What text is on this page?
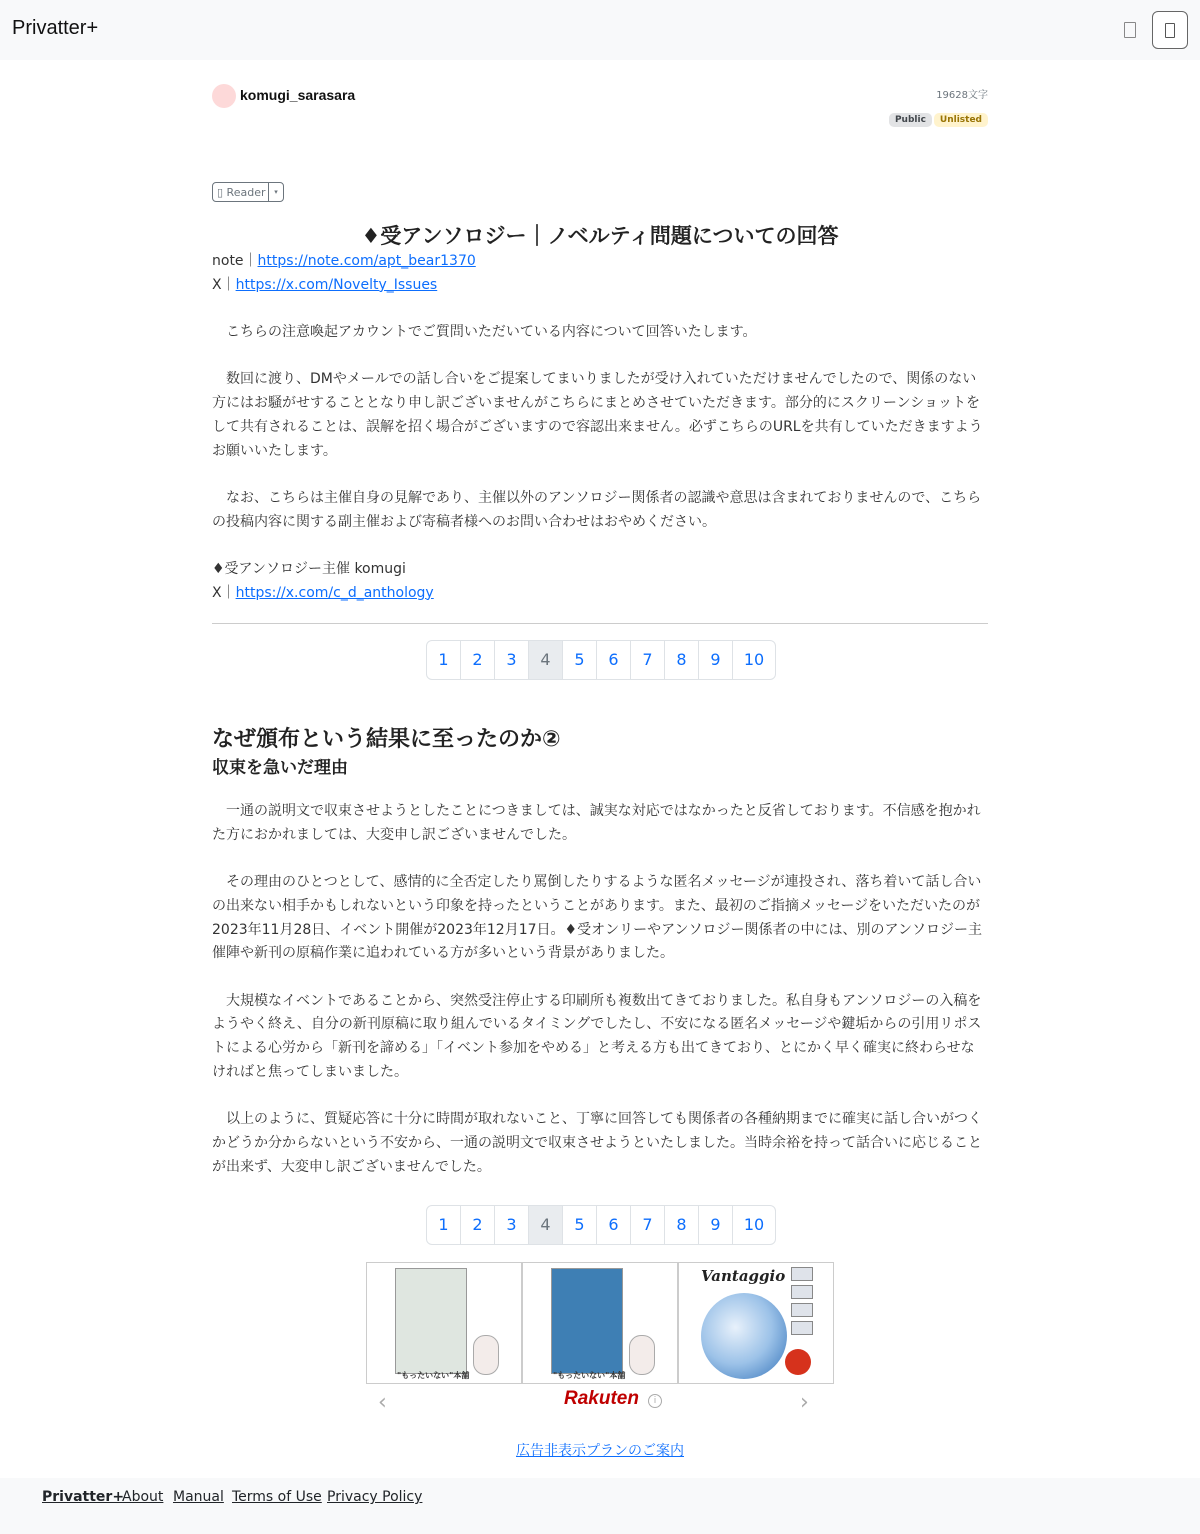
Privatter+
komugi_sarasara	19628文字
Public Unlisted
▯ Reader	▾
♦受アンソロジー｜ノベルティ問題についての回答

note｜https://note.com/apt_bear1370

X｜https://x.com/Novelty_Issues

　こちらの注意喚起アカウントでご質問いただいている内容について回答いたします。

　数回に渡り、DMやメールでの話し合いをご提案してまいりましたが受け入れていただけませんでしたので、関係のない方にはお騒がせすることとなり申し訳ございませんがこちらにまとめさせていただきます。部分的にスクリーンショットをして共有されることは、誤解を招く場合がございますので容認出来ません。必ずこちらのURLを共有していただきますようお願いいたします。

　なお、こちらは主催自身の見解であり、主催以外のアンソロジー関係者の認識や意思は含まれておりませんので、こちらの投稿内容に関する副主催および寄稿者様へのお問い合わせはおやめください。

♦受アンソロジー主催 komugi

X｜https://x.com/c_d_anthology

1	2	3	4	5	6	7	8	9	10
なぜ頒布という結果に至ったのか②
収束を急いだ理由

　一通の説明文で収束させようとしたことにつきましては、誠実な対応ではなかったと反省しております。不信感を抱かれた方におかれましては、大変申し訳ございませんでした。

　その理由のひとつとして、感情的に全否定したり罵倒したりするような匿名メッセージが連投され、落ち着いて話し合いの出来ない相手かもしれないという印象を持ったということがあります。また、最初のご指摘メッセージをいただいたのが2023年11月28日、イベント開催が2023年12月17日。♦受オンリーやアンソロジー関係者の中には、別のアンソロジー主催陣や新刊の原稿作業に追われている方が多いという背景がありました。

　大規模なイベントであることから、突然受注停止する印刷所も複数出てきておりました。私自身もアンソロジーの入稿をようやく終え、自分の新刊原稿に取り組んでいるタイミングでしたし、不安になる匿名メッセージや鍵垢からの引用リポストによる心労から「新刊を諦める」「イベント参加をやめる」と考える方も出てきており、とにかく早く確実に終わらせなければと焦ってしまいました。

　以上のように、質疑応答に十分に時間が取れないこと、丁寧に回答しても関係者の各種納期までに確実に話し合いがつくかどうか分からないという不安から、一通の説明文で収束させようといたしました。当時余裕を持って話合いに応じることが出来ず、大変申し訳ございませんでした。

1	2	3	4	5	6	7	8	9	10
"もったいない"本舗	"もったいない"本舗
Vantaggio
‹	›
Rakuten	i
広告非表示プランのご案内
Privatter+
About Manual Terms of Use Privacy Policy
